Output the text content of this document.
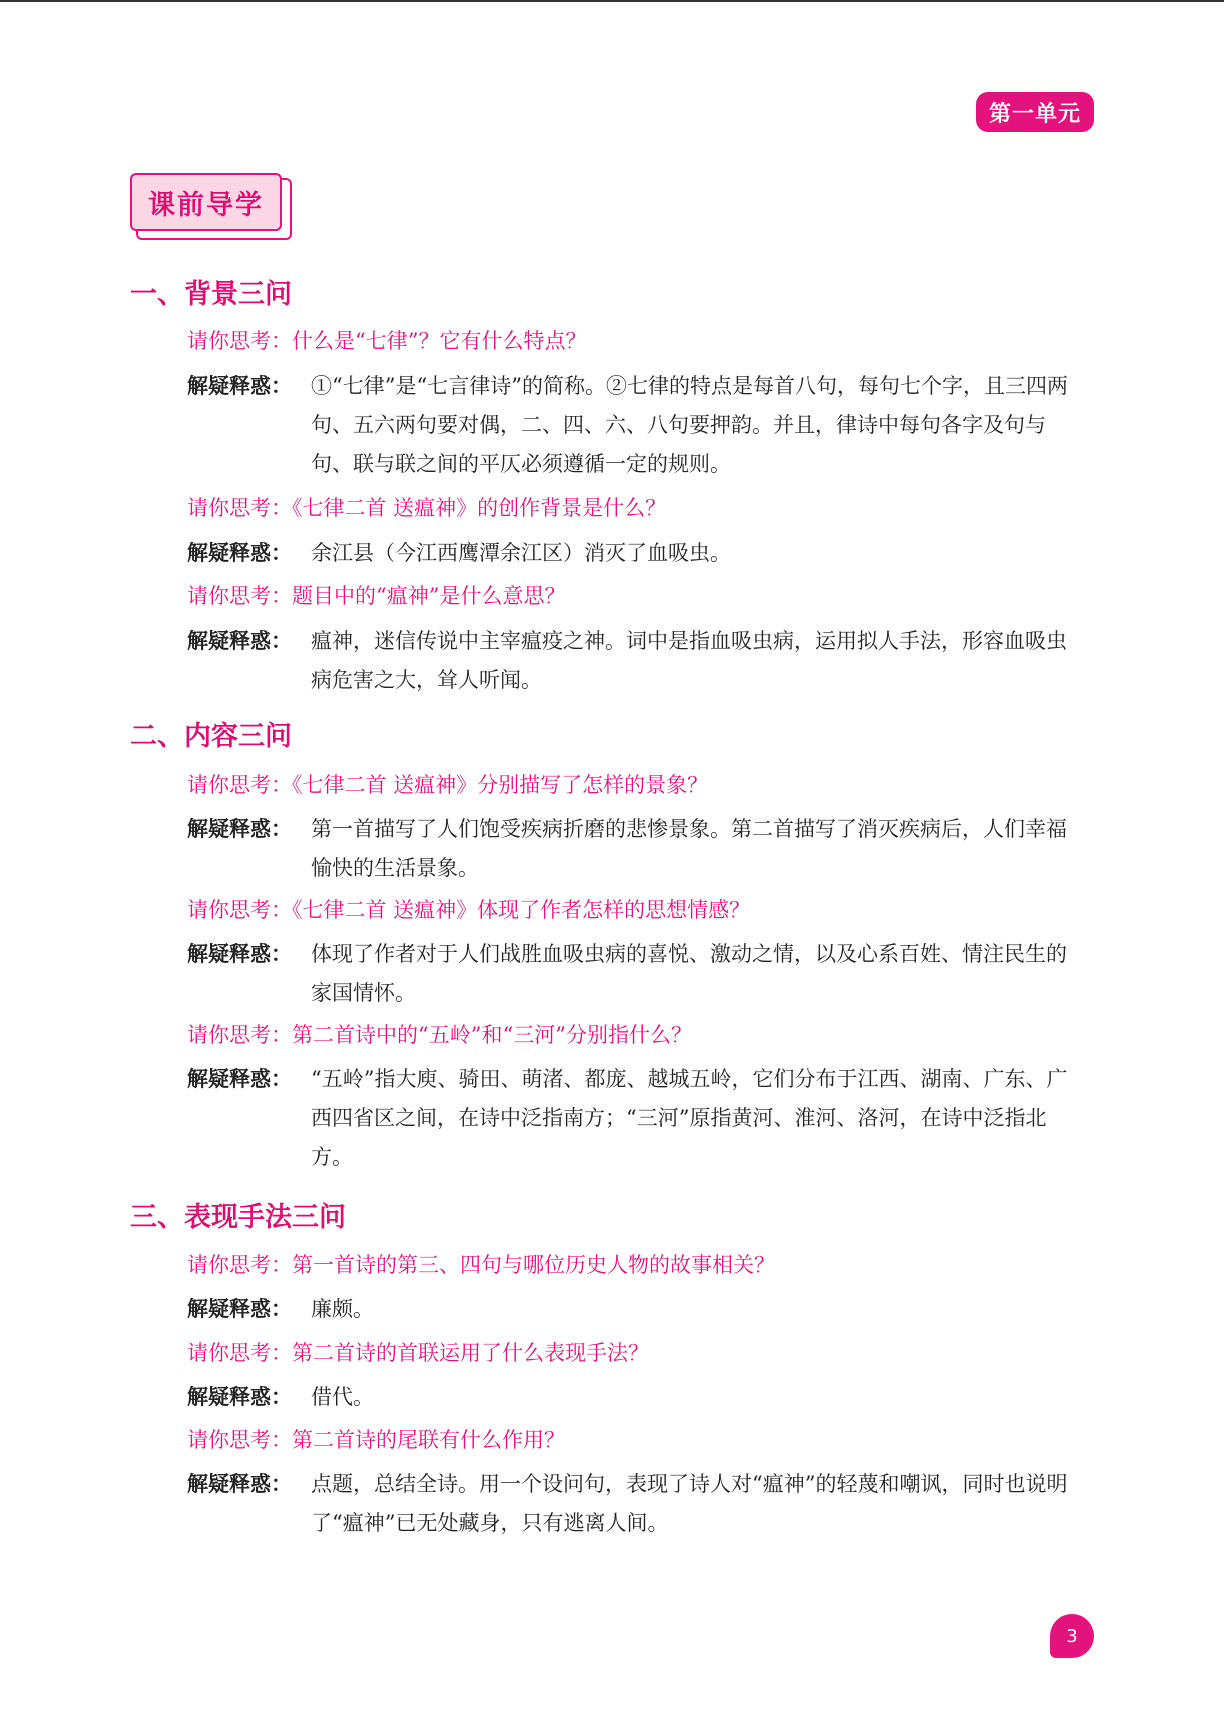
第一单元
课前导学
一、背景三问
请你思考：什么是“七律”？它有什么特点？
解疑释惑： ①“七律”是“七言律诗”的简称。②七律的特点是每首八句，每句七个字，且三四两句、五六两句要对偶，二、四、六、八句要押韵。并且，律诗中每句各字及句与句、联与联之间的平仄必须遵循一定的规则。
请你思考：《七律二首 送瘟神》的创作背景是什么？
解疑释惑： 余江县（今江西鹰潭余江区）消灭了血吸虫。
请你思考：题目中的“瘟神”是什么意思？
解疑释惑： 瘟神，迷信传说中主宰瘟疫之神。词中是指血吸虫病，运用拟人手法，形容血吸虫病危害之大，耸人听闻。
二、内容三问
请你思考：《七律二首 送瘟神》分别描写了怎样的景象？
解疑释惑： 第一首描写了人们饱受疾病折磨的悲惨景象。第二首描写了消灭疾病后，人们幸福愉快的生活景象。
请你思考：《七律二首 送瘟神》体现了作者怎样的思想情感？
解疑释惑： 体现了作者对于人们战胜血吸虫病的喜悦、激动之情，以及心系百姓、情注民生的家国情怀。
请你思考：第二首诗中的“五岭”和“三河”分别指什么？
解疑释惑： “五岭”指大庾、骑田、萌渚、都庞、越城五岭，它们分布于江西、湖南、广东、广西四省区之间，在诗中泛指南方；“三河”原指黄河、淮河、洛河，在诗中泛指北方。
三、表现手法三问
请你思考：第一首诗的第三、四句与哪位历史人物的故事相关？
解疑释惑： 廉颇。
请你思考：第二首诗的首联运用了什么表现手法？
解疑释惑： 借代。
请你思考：第二首诗的尾联有什么作用？
解疑释惑： 点题，总结全诗。用一个设问句，表现了诗人对“瘟神”的轻蔑和嘲讽，同时也说明了“瘟神”已无处藏身，只有逃离人间。
3
